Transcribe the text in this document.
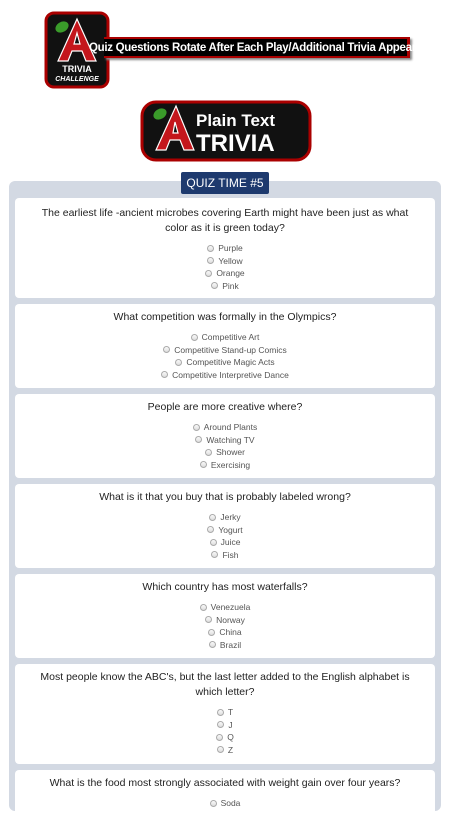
TRIVIA
CHALLENGE
Quiz Questions Rotate After Each Play/Additional Trivia Appears
Plain Text
TRIVIA
QUIZ TIME #5
The earliest life -ancient microbes covering Earth might have been just as what color as it is green today?
Purple
Yellow
Orange
Pink
What competition was formally in the Olympics?
Competitive Art
Competitive Stand-up Comics
Competitive Magic Acts
Competitive Interpretive Dance
People are more creative where?
Around Plants
Watching TV
Shower
Exercising
What is it that you buy that is probably labeled wrong?
Jerky
Yogurt
Juice
Fish
Which country has most waterfalls?
Venezuela
Norway
China
Brazil
Most people know the ABC's, but the last letter added to the English alphabet is which letter?
T
J
Q
Z
What is the food most strongly associated with weight gain over four years?
Soda
